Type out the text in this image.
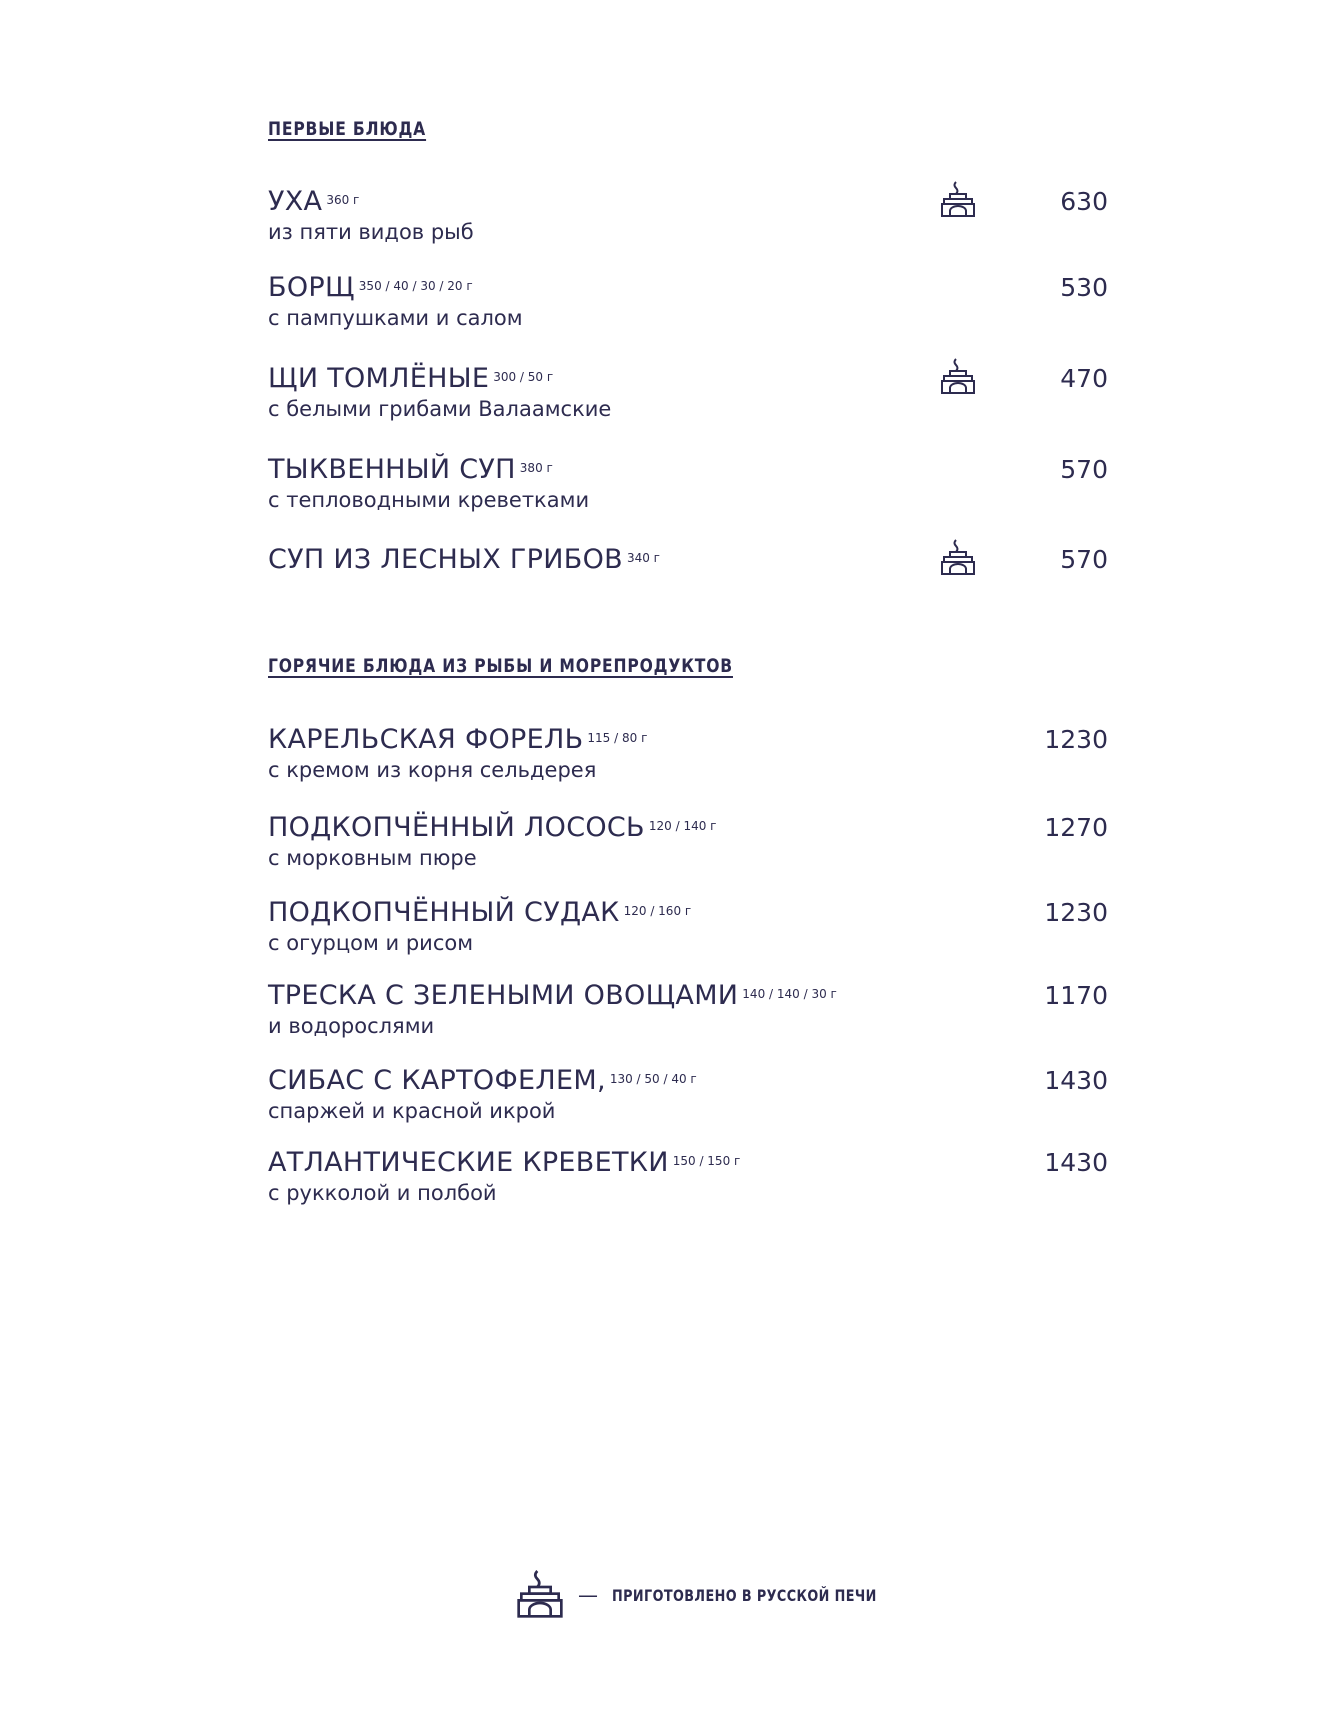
ПЕРВЫЕ БЛЮДА
УХА $^{360 г}$
из пяти видов рыб
630
БОРЩ $^{350 / 40 / 30 / 20 г}$
с пампушками и салом
530
ЩИ ТОМЛЁНЫЕ $^{300 / 50 г}$
с белыми грибами Валаамские
470
ТЫКВЕННЫЙ СУП $^{380 г}$
с тепловодными креветками
570
СУП ИЗ ЛЕСНЫХ ГРИБОВ $^{340 г}$	570
ГОРЯЧИЕ БЛЮДА ИЗ РЫБЫ И МОРЕПРОДУКТОВ
КАРЕЛЬСКАЯ ФОРЕЛЬ $^{115 / 80 г}$
с кремом из корня сельдерея
1230
ПОДКОПЧЁННЫЙ ЛОСОСЬ $^{120 / 140 г}$
с морковным пюре
1270
ПОДКОПЧЁННЫЙ СУДАК $^{120 / 160 г}$
с огурцом и рисом
1230
ТРЕСКА С ЗЕЛЕНЫМИ ОВОЩАМИ $^{140 / 140 / 30 г}$
и водорослями
1170
СИБАС С КАРТОФЕЛЕМ, $^{130 / 50 / 40 г}$
спаржей и красной икрой
1430
АТЛАНТИЧЕСКИЕ КРЕВЕТКИ $^{150 / 150 г}$
с рукколой и полбой
1430
— ПРИГОТОВЛЕНО В РУССКОЙ ПЕЧИ
